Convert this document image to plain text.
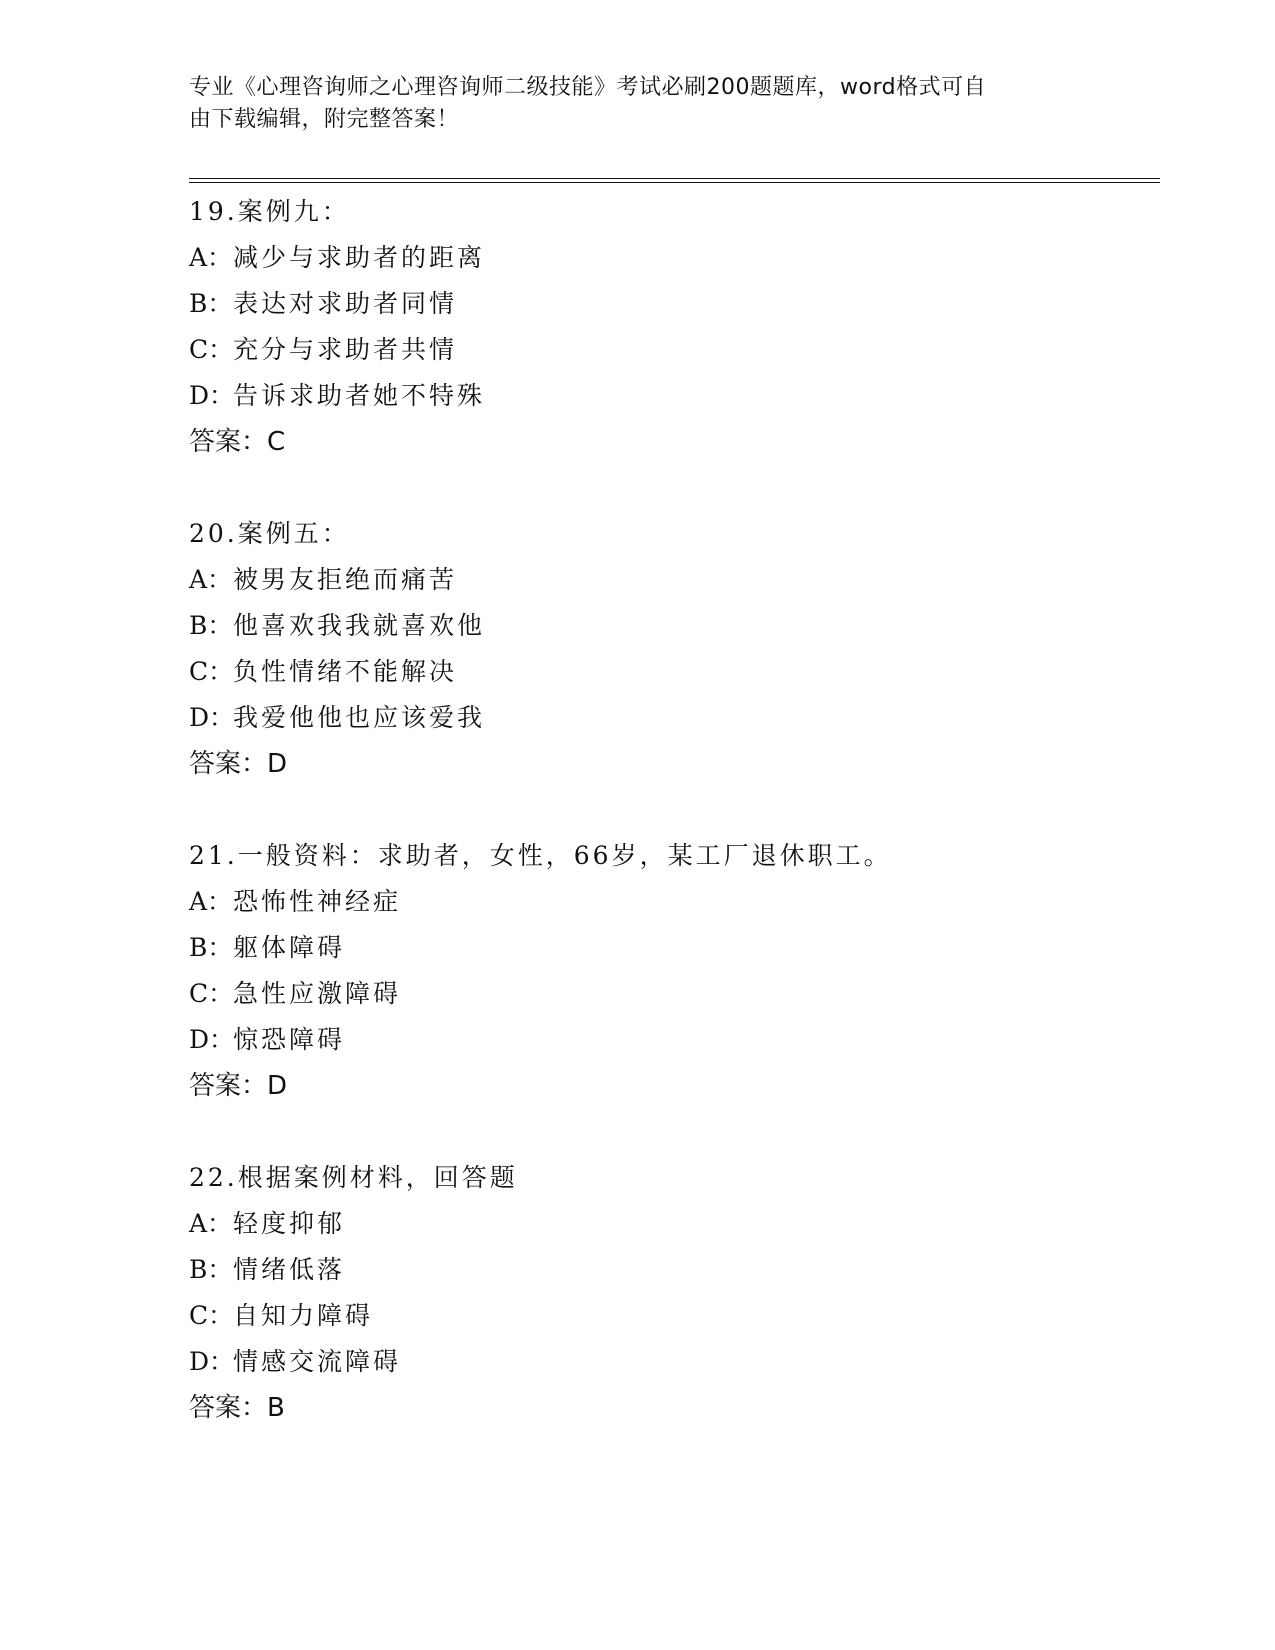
专业《心理咨询师之心理咨询师二级技能》考试必刷200题题库，word格式可自
由下载编辑，附完整答案！
19.案例九：
A：减少与求助者的距离
B：表达对求助者同情
C：充分与求助者共情
D：告诉求助者她不特殊
答案：C
20.案例五：
A：被男友拒绝而痛苦
B：他喜欢我我就喜欢他
C：负性情绪不能解决
D：我爱他他也应该爱我
答案：D
21.一般资料：求助者，女性，66岁，某工厂退休职工。
A：恐怖性神经症
B：躯体障碍
C：急性应激障碍
D：惊恐障碍
答案：D
22.根据案例材料，回答题
A：轻度抑郁
B：情绪低落
C：自知力障碍
D：情感交流障碍
答案：B
